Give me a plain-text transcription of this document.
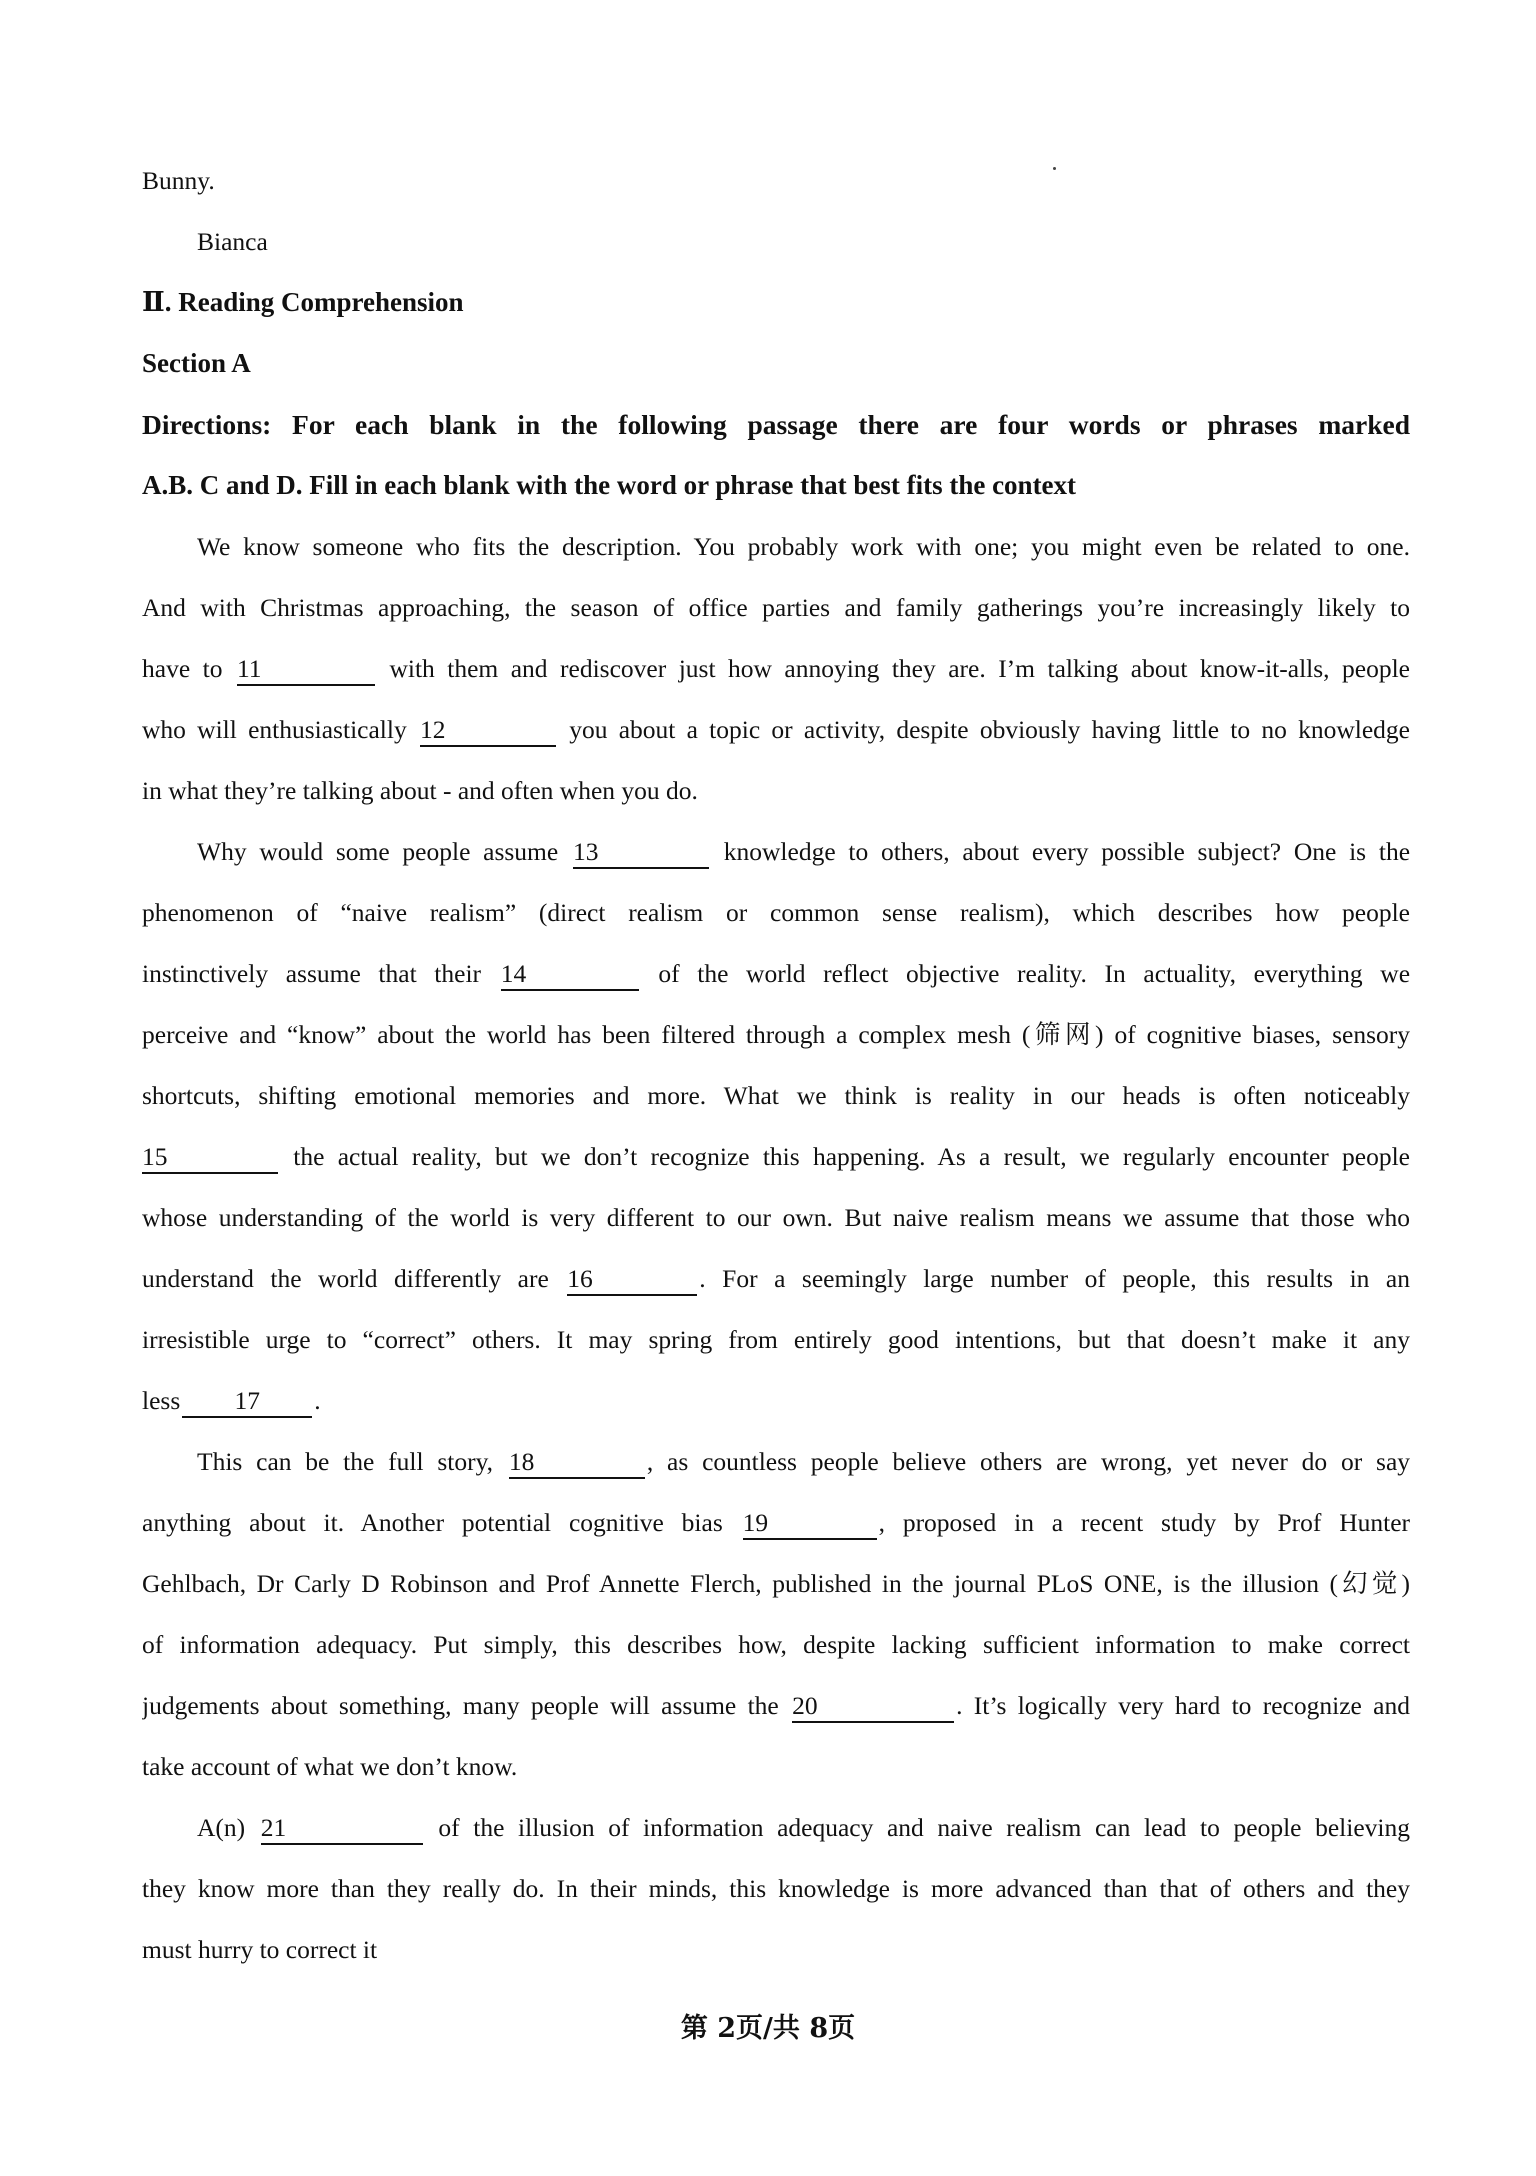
Bunny.
Bianca
Ⅱ. Reading Comprehension
Section A
Directions: For each blank in the following passage there are four words or phrases marked
A.B. C and D. Fill in each blank with the word or phrase that best fits the context
We know someone who fits the description. You probably work with one; you might even be related to one.
And with Christmas approaching, the season of office parties and family gatherings you’re increasingly likely to
have to 11	with them and rediscover just how annoying they are. I’m talking about know-it-alls, people
who will enthusiastically 12	you about a topic or activity, despite obviously having little to no knowledge
in what they’re talking about - and often when you do.
Why would some people assume 13	knowledge to others, about every possible subject? One is the
phenomenon of “naive realism” (direct realism or common sense realism), which describes how people
instinctively assume that their 14	of the world reflect objective reality. In actuality, everything we
perceive and “know” about the world has been filtered through a complex mesh (筛网) of cognitive biases, sensory
shortcuts, shifting emotional memories and more. What we think is reality in our heads is often noticeably
15	the actual reality, but we don’t recognize this happening. As a result, we regularly encounter people
whose understanding of the world is very different to our own. But naive realism means we assume that those who
understand the world differently are 16	. For a seemingly large number of people, this results in an
irresistible urge to “correct” others. It may spring from entirely good intentions, but that doesn’t make it any
less 17 .
This can be the full story, 18	, as countless people believe others are wrong, yet never do or say
anything about it. Another potential cognitive bias 19	, proposed in a recent study by Prof Hunter
Gehlbach, Dr Carly D Robinson and Prof Annette Flerch, published in the journal PLoS ONE, is the illusion (幻觉)
of information adequacy. Put simply, this describes how, despite lacking sufficient information to make correct
judgements about something, many people will assume the 20	. It’s logically very hard to recognize and
take account of what we don’t know.
A(n) 21	of the illusion of information adequacy and naive realism can lead to people believing
they know more than they really do. In their minds, this knowledge is more advanced than that of others and they
must hurry to correct it
第 2页/共 8页
